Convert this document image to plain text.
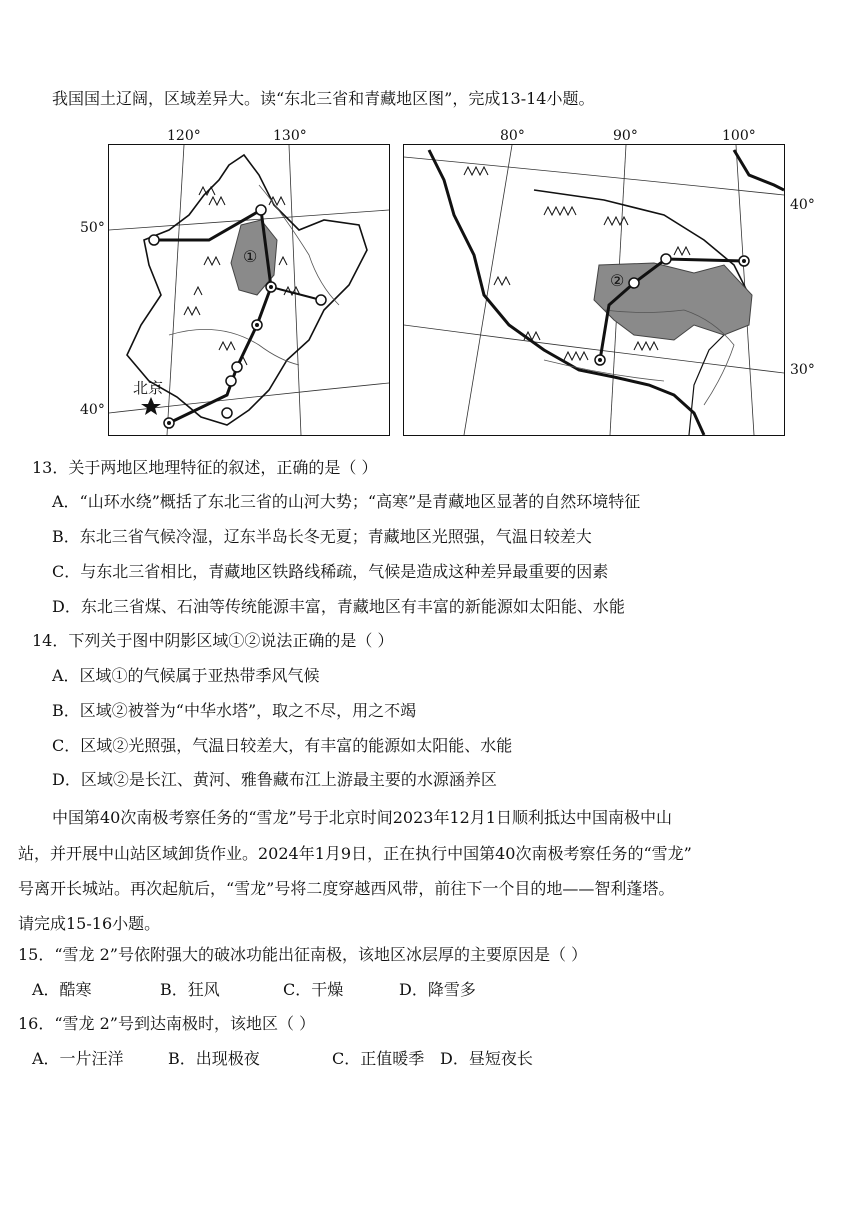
我国国土辽阔，区域差异大。读“东北三省和青藏地区图”，完成13-14小题。
120°	130°
50°
40°
80°	90°	100°
40°
30°
①
北京
②
13．关于两地区地理特征的叙述，正确的是（ ）
A．“山环水绕”概括了东北三省的山河大势；“高寒”是青藏地区显著的自然环境特征
B．东北三省气候冷湿，辽东半岛长冬无夏；青藏地区光照强，气温日较差大
C．与东北三省相比，青藏地区铁路线稀疏，气候是造成这种差异最重要的因素
D．东北三省煤、石油等传统能源丰富，青藏地区有丰富的新能源如太阳能、水能
14．下列关于图中阴影区域①②说法正确的是（ ）
A．区域①的气候属于亚热带季风气候
B．区域②被誉为“中华水塔”，取之不尽，用之不竭
C．区域②光照强，气温日较差大，有丰富的能源如太阳能、水能
D．区域②是长江、黄河、雅鲁藏布江上游最主要的水源涵养区
中国第40次南极考察任务的“雪龙”号于北京时间2023年12月1日顺利抵达中国南极中山
站，并开展中山站区域卸货作业。2024年1月9日，正在执行中国第40次南极考察任务的“雪龙”
号离开长城站。再次起航后，“雪龙”号将二度穿越西风带，前往下一个目的地——智利蓬塔。
请完成15-16小题。
15．“雪龙 2”号依附强大的破冰功能出征南极，该地区冰层厚的主要原因是（ ）
A．酷寒	B．狂风	C．干燥	D．降雪多
16．“雪龙 2”号到达南极时，该地区（ ）
A．一片汪洋	B．出现极夜	C．正值暖季 D．昼短夜长
